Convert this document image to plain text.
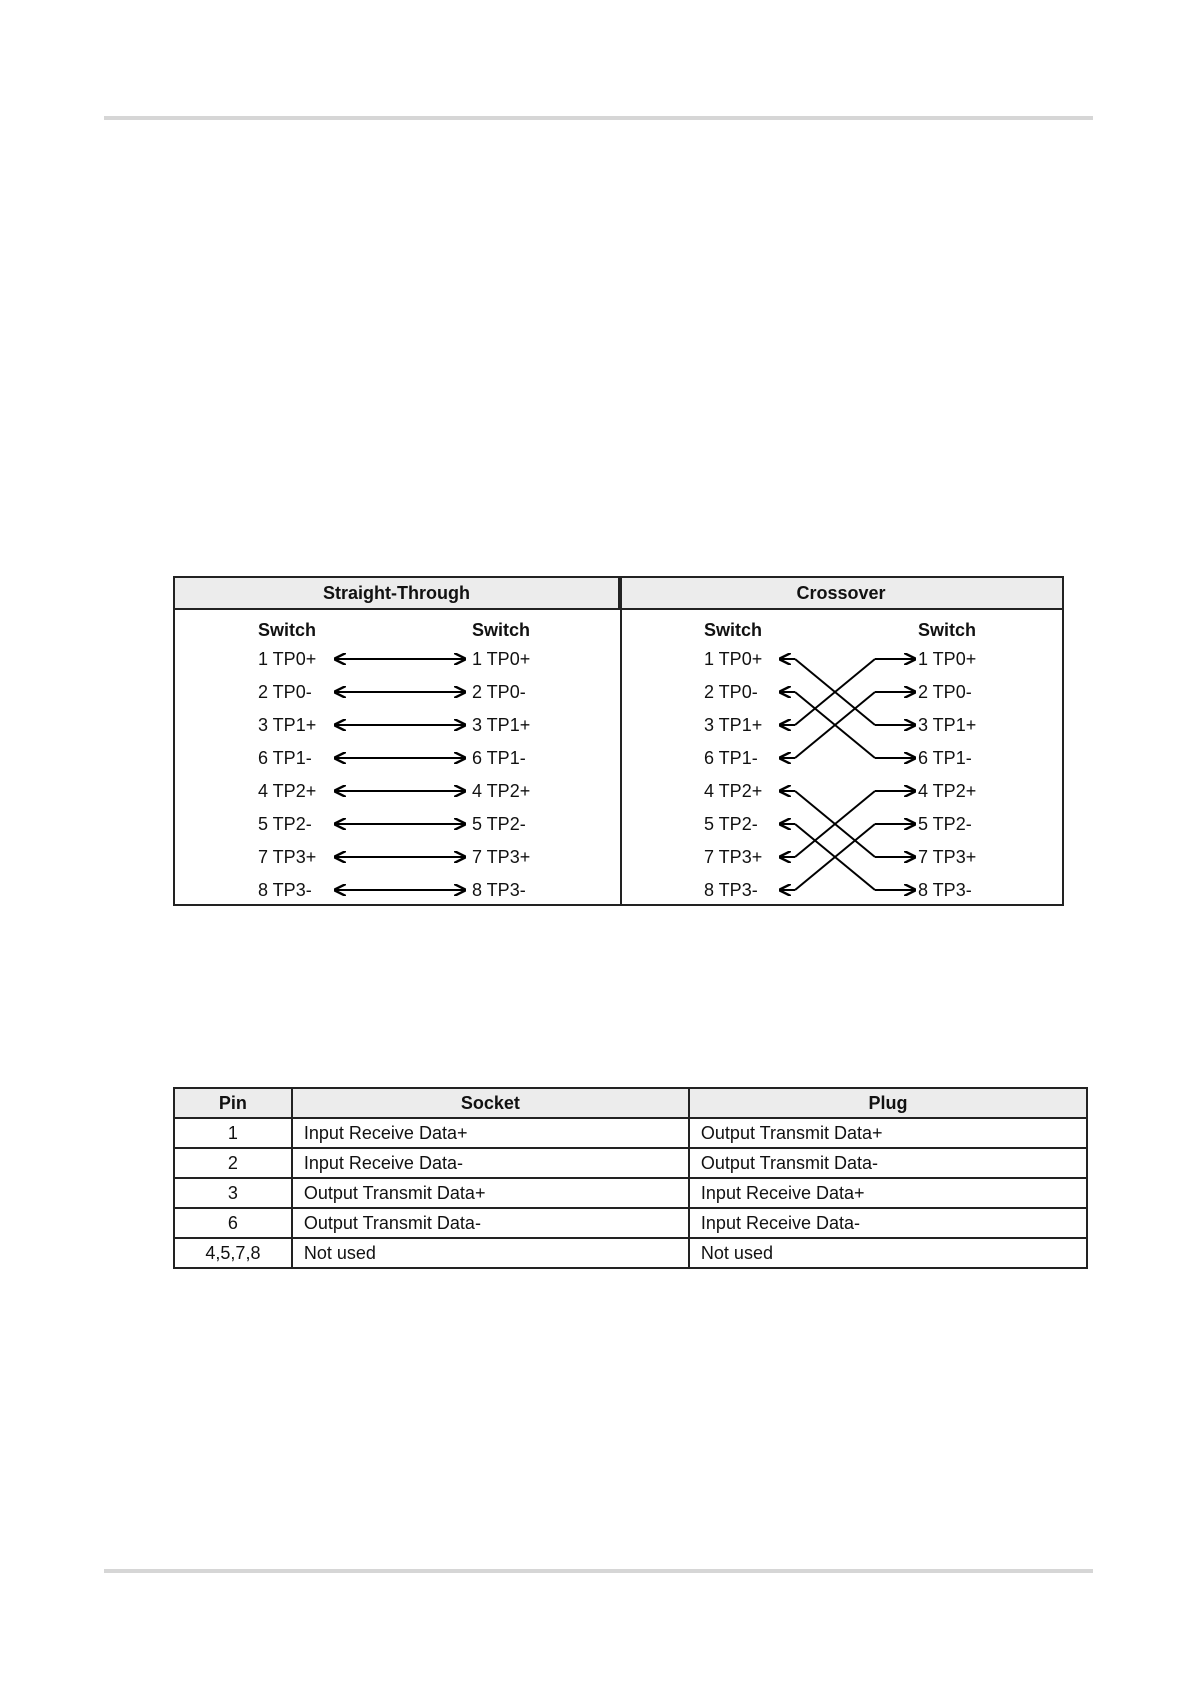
Straight-Through	Crossover
Switch	Switch	Switch	Switch
1 TP0+	1 TP0+	1 TP0+	1 TP0+
2 TP0-	2 TP0-	2 TP0-	2 TP0-
3 TP1+	3 TP1+	3 TP1+	3 TP1+
6 TP1-	6 TP1-	6 TP1-	6 TP1-
4 TP2+	4 TP2+	4 TP2+	4 TP2+
5 TP2-	5 TP2-	5 TP2-	5 TP2-
7 TP3+	7 TP3+	7 TP3+	7 TP3+
8 TP3-	8 TP3-	8 TP3-	8 TP3-
Pin	Socket	Plug
1	Input Receive Data+	Output Transmit Data+
2	Input Receive Data-	Output Transmit Data-
3	Output Transmit Data+	Input Receive Data+
6	Output Transmit Data-	Input Receive Data-
4,5,7,8	Not used	Not used
